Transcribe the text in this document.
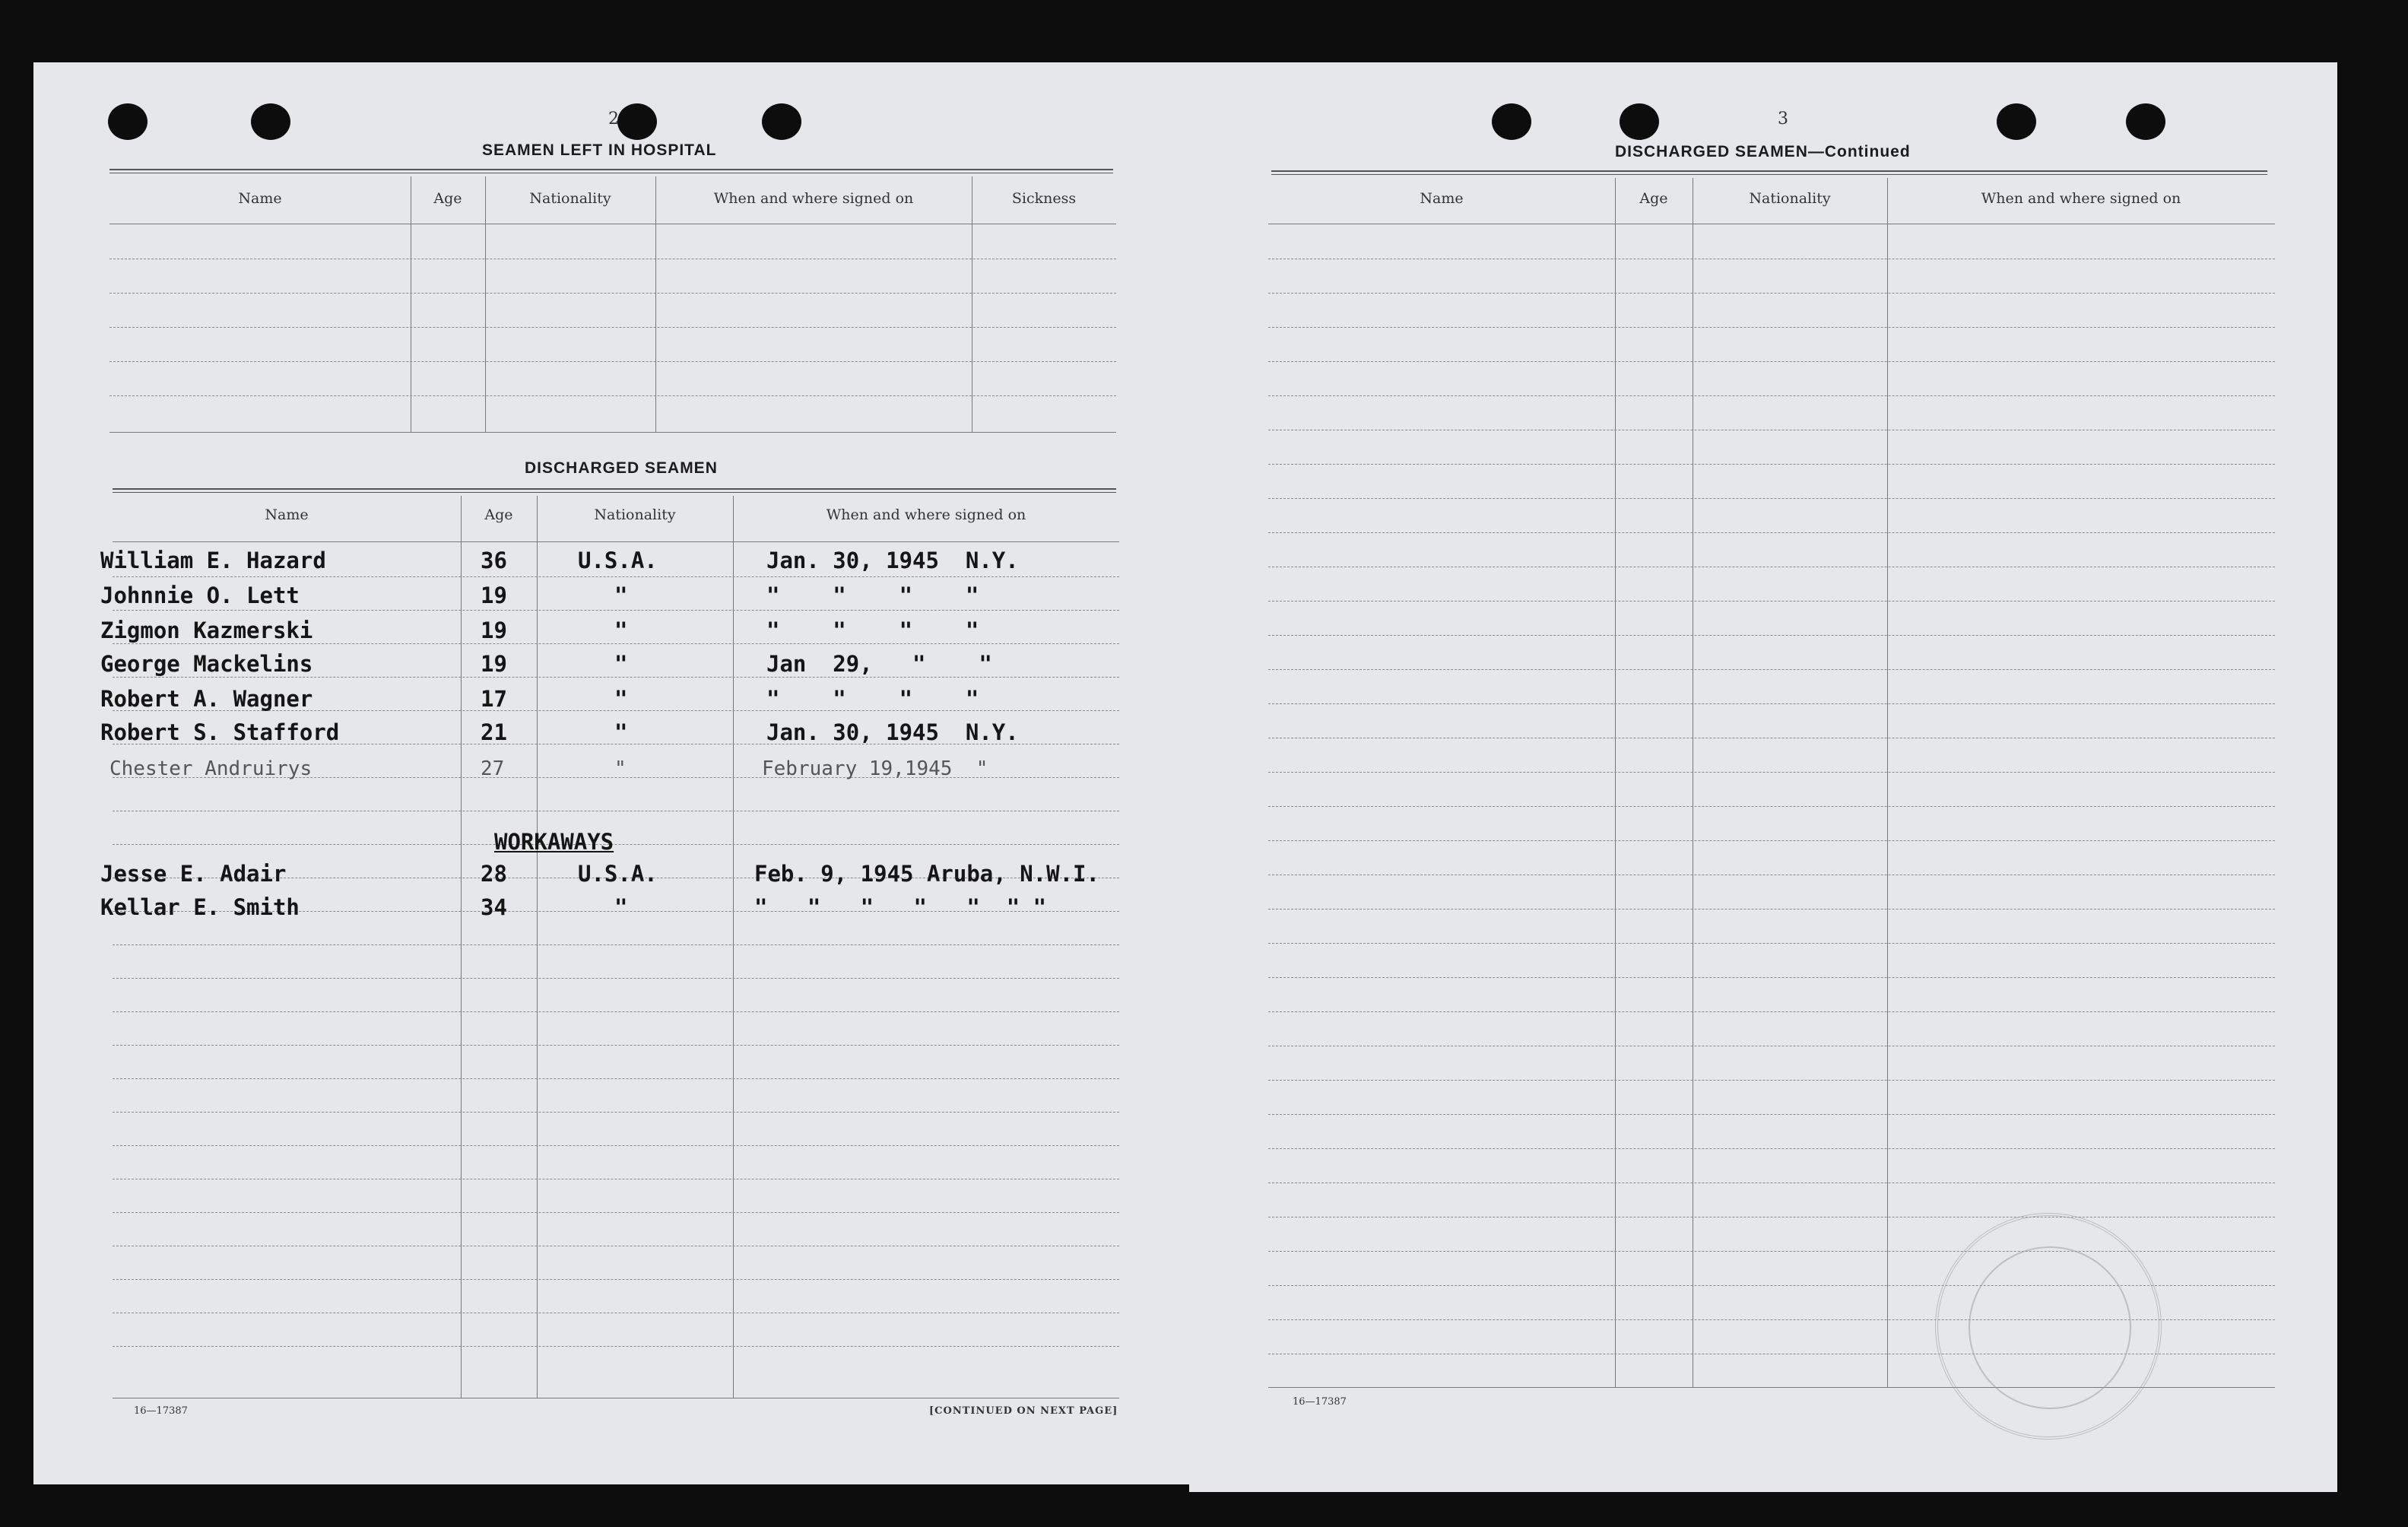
2
SEAMEN LEFT IN HOSPITAL
Name	Age	Nationality	When and where signed on	Sickness
DISCHARGED SEAMEN
Name	Age	Nationality	When and where signed on
William E. Hazard	36	U.S.A.	Jan. 30, 1945  N.Y.
Johnnie O. Lett	19	"	"    "    "    "
Zigmon Kazmerski	19	"	"    "    "    "
George Mackelins	19	"	Jan  29,   "    "
Robert A. Wagner	17	"	"    "    "    "
Robert S. Stafford	21	"	Jan. 30, 1945  N.Y.
Chester Andruirys	27	"	February 19,1945  "
WORKAWAYS
Jesse E. Adair	28	U.S.A.	Feb. 9, 1945 Aruba, N.W.I.
Kellar E. Smith	34	"	"   "   "   "   "  " "
16—17387	[CONTINUED ON NEXT PAGE]
3
DISCHARGED SEAMEN—Continued
Name	Age	Nationality	When and where signed on
16—17387
